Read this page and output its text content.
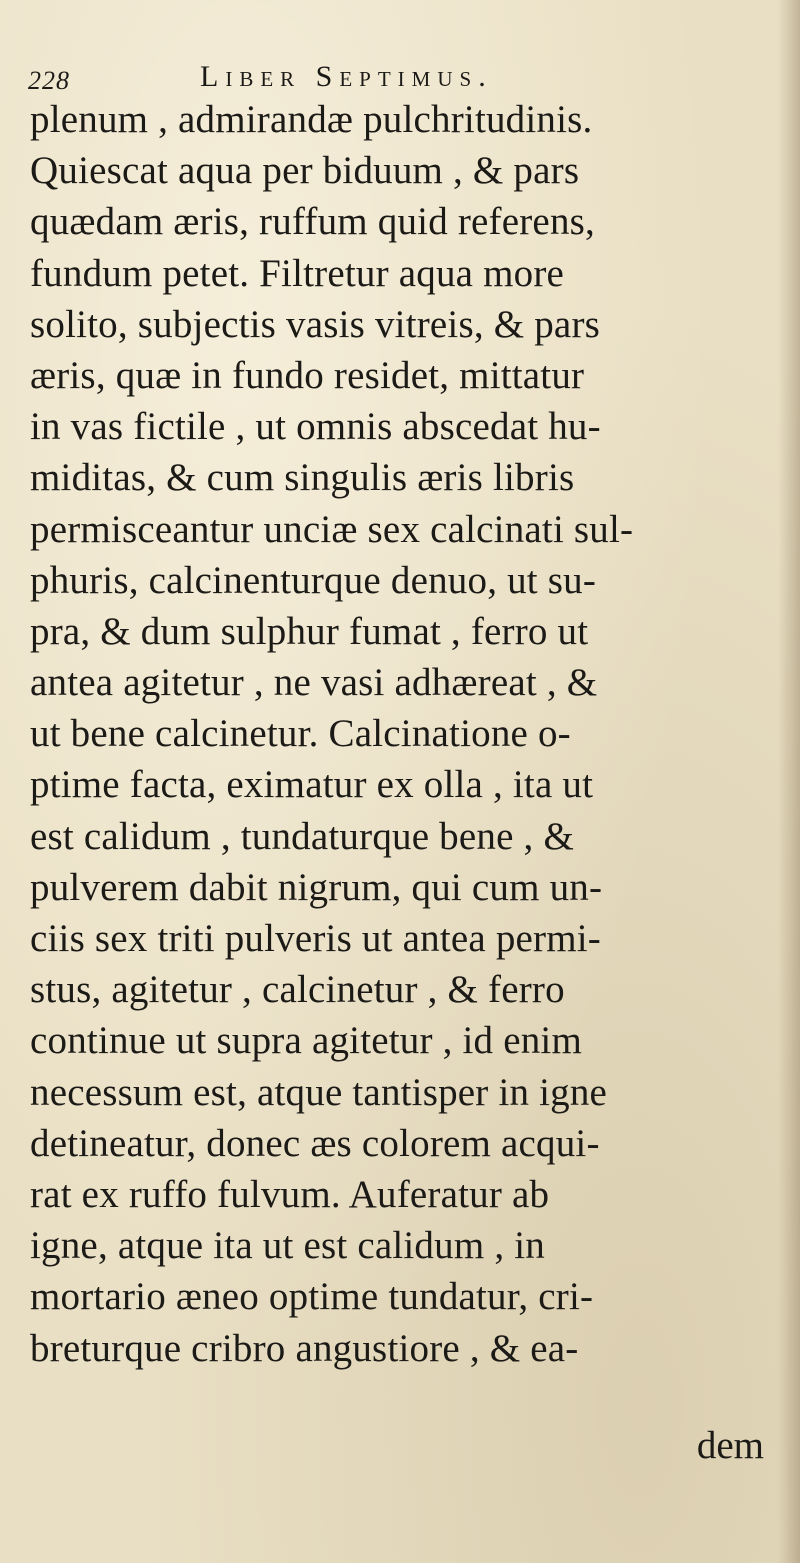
228	Liber Septimus.
plenum , admirandæ pulchritudinis.
Quiescat aqua per biduum , & pars
quædam æris, ruffum quid referens,
fundum petet. Filtretur aqua more
solito, subjectis vasis vitreis, & pars
æris, quæ in fundo residet, mittatur
in vas fictile , ut omnis abscedat hu-
miditas, & cum singulis æris libris
permisceantur unciæ sex calcinati sul-
phuris, calcinenturque denuo, ut su-
pra, & dum sulphur fumat , ferro ut
antea agitetur , ne vasi adhæreat , &
ut bene calcinetur. Calcinatione o-
ptime facta, eximatur ex olla , ita ut
est calidum , tundaturque bene , &
pulverem dabit nigrum, qui cum un-
ciis sex triti pulveris ut antea permi-
stus, agitetur , calcinetur , & ferro
continue ut supra agitetur , id enim
necessum est, atque tantisper in igne
detineatur, donec æs colorem acqui-
rat ex ruffo fulvum. Auferatur ab
igne, atque ita ut est calidum , in
mortario æneo optime tundatur, cri-
breturque cribro angustiore , & ea-
dem
